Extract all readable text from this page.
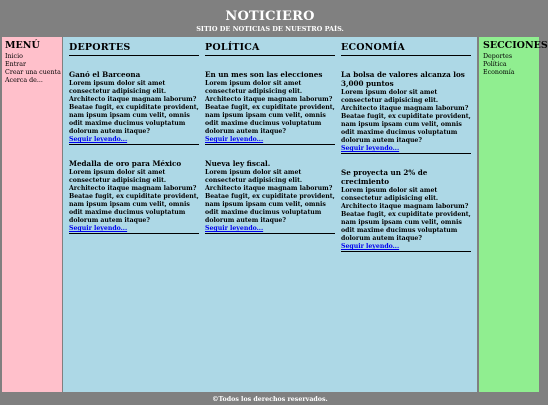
NOTICIERO
SITIO DE NOTICIAS DE NUESTRO PAÍS.
MENÚ
Inicio
Entrar
Crear una cuenta
Acerca de...
DEPORTES
Ganó el Barceona

Lorem ipsum dolor sit amet consectetur adipisicing elit. Architecto itaque magnam laborum? Beatae fugit, ex cupiditate provident, nam ipsum ipsam cum velit, omnis odit maxime ducimus voluptatum dolorum autem itaque?

Seguir leyendo...
Medalla de oro para México

Lorem ipsum dolor sit amet consectetur adipisicing elit. Architecto itaque magnam laborum? Beatae fugit, ex cupiditate provident, nam ipsum ipsam cum velit, omnis odit maxime ducimus voluptatum dolorum autem itaque?

Seguir leyendo...
POLÍTICA
En un mes son las elecciones

Lorem ipsum dolor sit amet consectetur adipisicing elit. Architecto itaque magnam laborum? Beatae fugit, ex cupiditate provident, nam ipsum ipsam cum velit, omnis odit maxime ducimus voluptatum dolorum autem itaque?

Seguir leyendo...
Nueva ley fiscal.

Lorem ipsum dolor sit amet consectetur adipisicing elit. Architecto itaque magnam laborum? Beatae fugit, ex cupiditate provident, nam ipsum ipsam cum velit, omnis odit maxime ducimus voluptatum dolorum autem itaque?

Seguir leyendo...
ECONOMÍA
La bolsa de valores alcanza los 3,000 puntos

Lorem ipsum dolor sit amet consectetur adipisicing elit. Architecto itaque magnam laborum? Beatae fugit, ex cupiditate provident, nam ipsum ipsam cum velit, omnis odit maxime ducimus voluptatum dolorum autem itaque?

Seguir leyendo...
Se proyecta un 2% de crecimiento

Lorem ipsum dolor sit amet consectetur adipisicing elit. Architecto itaque magnam laborum? Beatae fugit, ex cupiditate provident, nam ipsum ipsam cum velit, omnis odit maxime ducimus voluptatum dolorum autem itaque?

Seguir leyendo...
SECCIONES
Deportes
Política
Economía
©Todos los derechos reservados.
